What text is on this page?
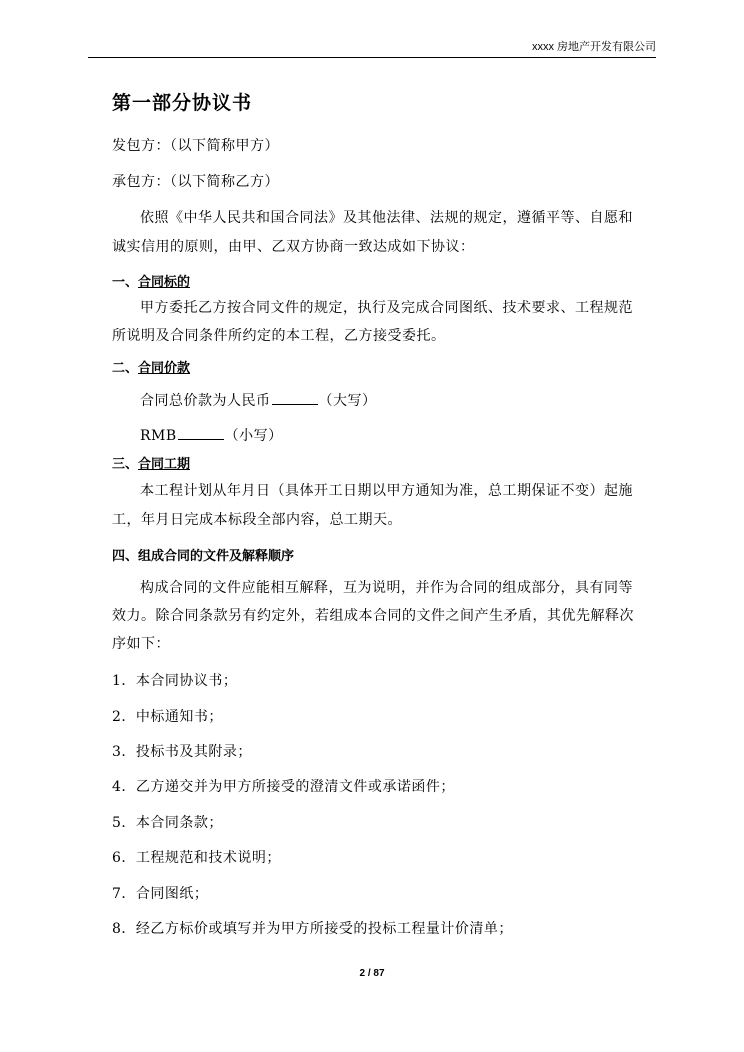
xxxx 房地产开发有限公司
第一部分协议书
发包方：（以下简称甲方）
承包方：（以下简称乙方）
依照《中华人民共和国合同法》及其他法律、法规的规定，遵循平等、自愿和
诚实信用的原则，由甲、乙双方协商一致达成如下协议：
一、合同标的
甲方委托乙方按合同文件的规定，执行及完成合同图纸、技术要求、工程规范
所说明及合同条件所约定的本工程，乙方接受委托。
二、合同价款
合同总价款为人民币	（大写）
RMB	（小写）
三、合同工期
本工程计划从年月日（具体开工日期以甲方通知为准，总工期保证不变）起施
工，年月日完成本标段全部内容，总工期天。
四、组成合同的文件及解释顺序
构成合同的文件应能相互解释，互为说明，并作为合同的组成部分，具有同等
效力。除合同条款另有约定外，若组成本合同的文件之间产生矛盾，其优先解释次
序如下：
1．本合同协议书；
2．中标通知书；
3．投标书及其附录；
4．乙方递交并为甲方所接受的澄清文件或承诺函件；
5．本合同条款；
6．工程规范和技术说明；
7．合同图纸；
8．经乙方标价或填写并为甲方所接受的投标工程量计价清单；
2 / 87
